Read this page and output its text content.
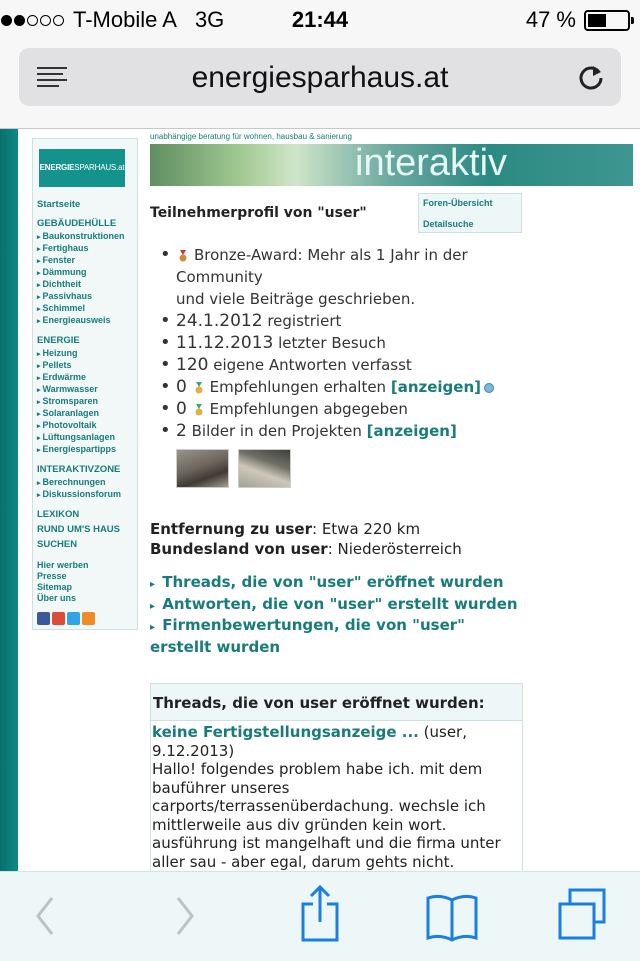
T-Mobile A 3G	21:44	47 %
energiesparhaus.at
ENERGIESPARHAUS.at
Startseite
GEBÄUDEHÜLLE
▸ Baukonstruktionen
▸ Fertighaus
▸ Fenster
▸ Dämmung
▸ Dichtheit
▸ Passivhaus
▸ Schimmel
▸ Energieausweis
ENERGIE
▸ Heizung
▸ Pellets
▸ Erdwärme
▸ Warmwasser
▸ Stromsparen
▸ Solaranlagen
▸ Photovoltaik
▸ Lüftungsanlagen
▸ Energiespartipps
INTERAKTIVZONE
▸ Berechnungen
▸ Diskussionsforum
LEXIKON
RUND UM'S HAUS
SUCHEN
Hier werben
Presse
Sitemap
Über uns
unabhängige beratung für wohnen, hausbau & sanierung
interaktiv
Teilnehmerprofil von "user"
Foren-Übersicht
Detailsuche
• Bronze-Award: Mehr als 1 Jahr in der Community
und viele Beiträge geschrieben.
• 24.1.2012 registriert
• 11.12.2013 letzter Besuch
• 120 eigene Antworten verfasst
• 0 Empfehlungen erhalten [anzeigen]
• 0 Empfehlungen abgegeben
• 2 Bilder in den Projekten [anzeigen]
Entfernung zu user: Etwa 220 km
Bundesland von user: Niederösterreich
▸ Threads, die von "user" eröffnet wurden
▸ Antworten, die von "user" erstellt wurden
▸ Firmenbewertungen, die von "user" erstellt wurden
Threads, die von user eröffnet wurden:
keine Fertigstellungsanzeige ... (user, 9.12.2013)
Hallo! folgendes problem habe ich. mit dem bauführer unseres carports/terrassenüberdachung. wechsle ich mittlerweile aus div gründen kein wort. ausführung ist mangelhaft und die firma unter aller sau - aber egal, darum gehts nicht.
